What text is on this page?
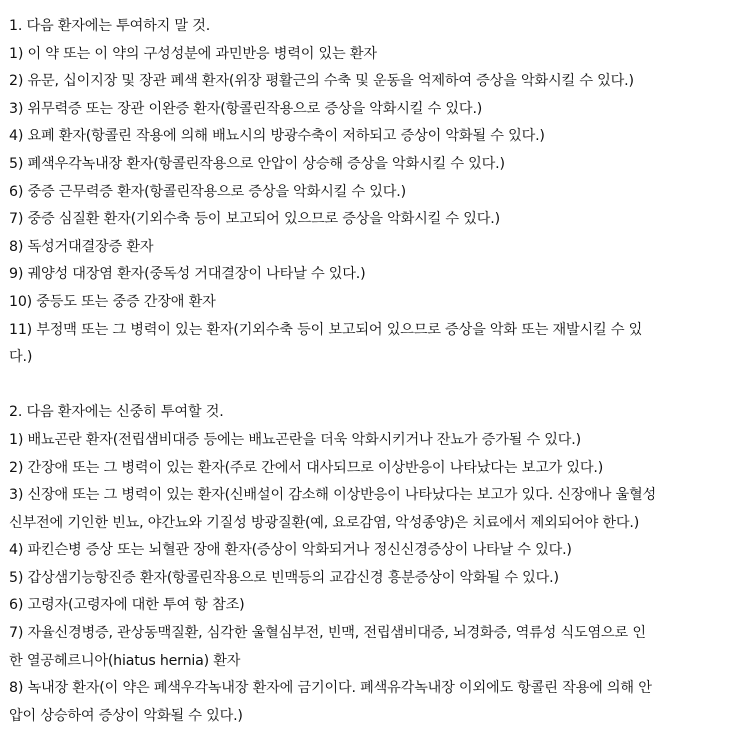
1. 다음 환자에는 투여하지 말 것.
1) 이 약 또는 이 약의 구성성분에 과민반응 병력이 있는 환자
2) 유문, 십이지장 및 장관 폐색 환자(위장 평활근의 수축 및 운동을 억제하여 증상을 악화시킬 수 있다.)
3) 위무력증 또는 장관 이완증 환자(항콜린작용으로 증상을 악화시킬 수 있다.)
4) 요폐 환자(항콜린 작용에 의해 배뇨시의 방광수축이 저하되고 증상이 악화될 수 있다.)
5) 폐색우각녹내장 환자(항콜린작용으로 안압이 상승해 증상을 악화시킬 수 있다.)
6) 중증 근무력증 환자(항콜린작용으로 증상을 악화시킬 수 있다.)
7) 중증 심질환 환자(기외수축 등이 보고되어 있으므로 증상을 악화시킬 수 있다.)
8) 독성거대결장증 환자
9) 궤양성 대장염 환자(중독성 거대결장이 나타날 수 있다.)
10) 중등도 또는 중증 간장애 환자
11) 부정맥 또는 그 병력이 있는 환자(기외수축 등이 보고되어 있으므로 증상을 악화 또는 재발시킬 수 있
다.)
2. 다음 환자에는 신중히 투여할 것.
1) 배뇨곤란 환자(전립샘비대증 등에는 배뇨곤란을 더욱 악화시키거나 잔뇨가 증가될 수 있다.)
2) 간장애 또는 그 병력이 있는 환자(주로 간에서 대사되므로 이상반응이 나타났다는 보고가 있다.)
3) 신장애 또는 그 병력이 있는 환자(신배설이 감소해 이상반응이 나타났다는 보고가 있다. 신장애나 울혈성
신부전에 기인한 빈뇨, 야간뇨와 기질성 방광질환(예, 요로감염, 악성종양)은 치료에서 제외되어야 한다.)
4) 파킨슨병 증상 또는 뇌혈관 장애 환자(증상이 악화되거나 정신신경증상이 나타날 수 있다.)
5) 갑상샘기능항진증 환자(항콜린작용으로 빈맥등의 교감신경 흥분증상이 악화될 수 있다.)
6) 고령자(고령자에 대한 투여 항 참조)
7) 자율신경병증, 관상동맥질환, 심각한 울혈심부전, 빈맥, 전립샘비대증, 뇌경화증, 역류성 식도염으로 인
한 열공헤르니아(hiatus hernia) 환자
8) 녹내장 환자(이 약은 폐색우각녹내장 환자에 금기이다. 폐색유각녹내장 이외에도 항콜린 작용에 의해 안
압이 상승하여 증상이 악화될 수 있다.)
